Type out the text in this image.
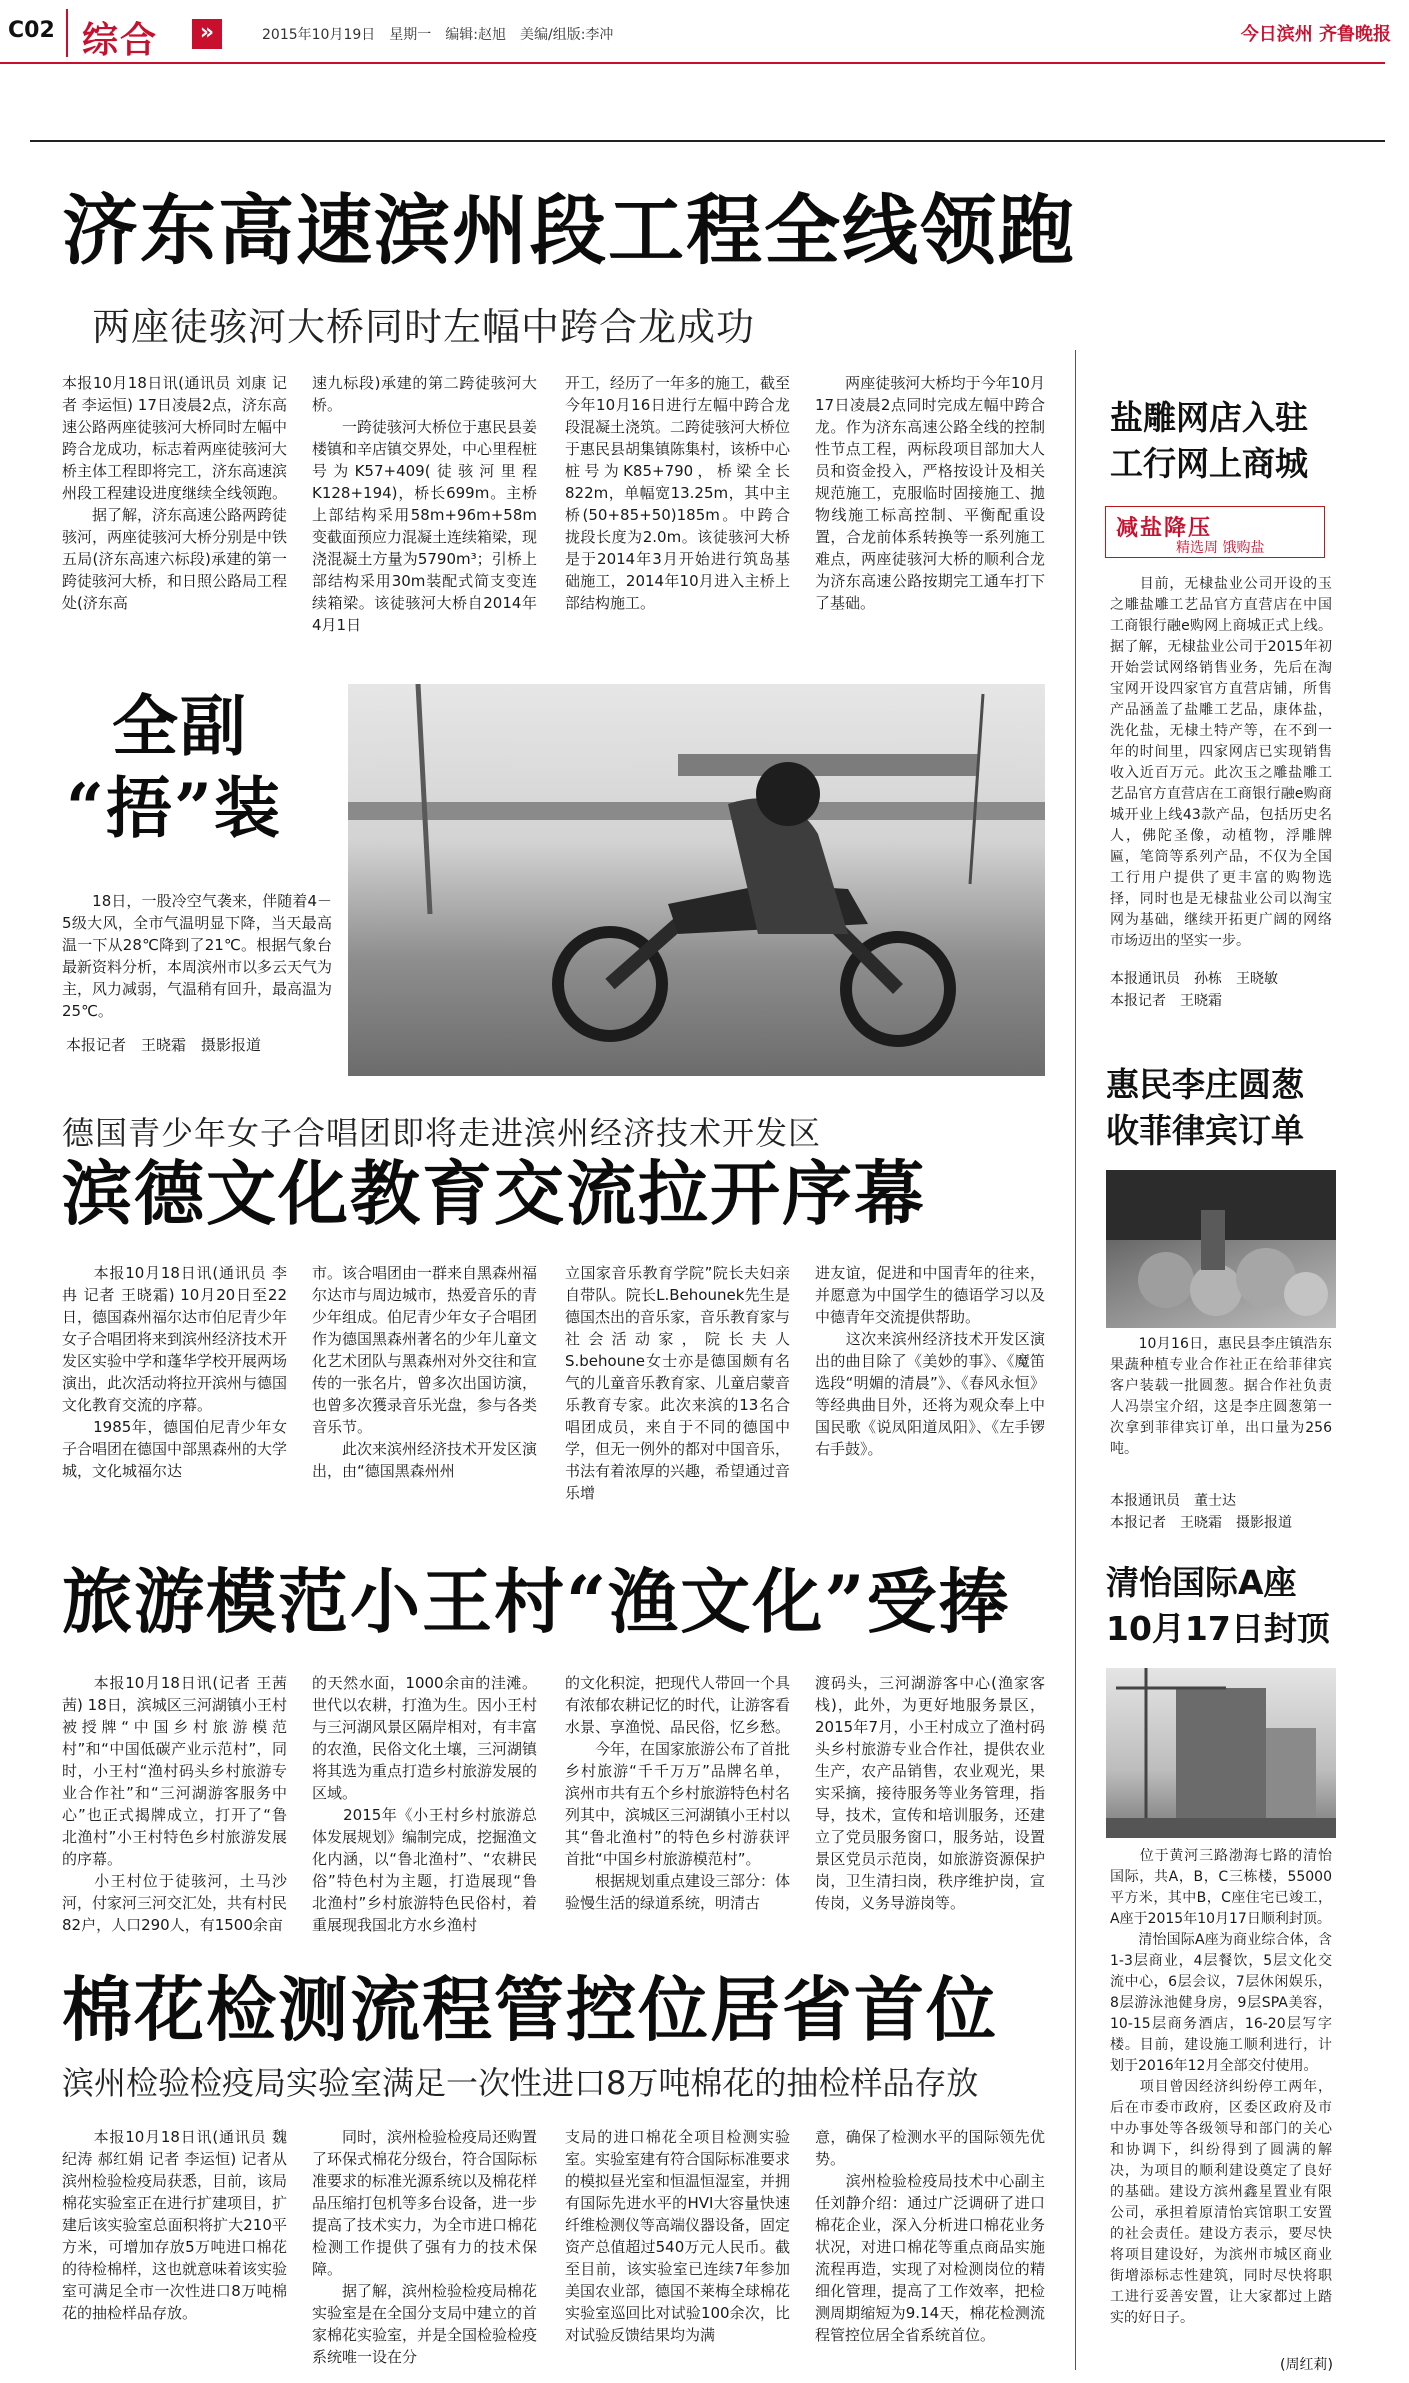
C02 综合	»	2015年10月19日　星期一　编辑:赵旭　美编/组版:李冲	今日滨州 齐鲁晚报
济东高速滨州段工程全线领跑
两座徒骇河大桥同时左幅中跨合龙成功
本报10月18日讯(通讯员 刘康 记者 李运恒) 17日凌晨2点，济东高速公路两座徒骇河大桥同时左幅中跨合龙成功，标志着两座徒骇河大桥主体工程即将完工，济东高速滨州段工程建设进度继续全线领跑。
　　据了解，济东高速公路两跨徒骇河，两座徒骇河大桥分别是中铁五局(济东高速六标段)承建的第一跨徒骇河大桥，和日照公路局工程处(济东高
速九标段)承建的第二跨徒骇河大桥。
　　一跨徒骇河大桥位于惠民县姜楼镇和辛店镇交界处，中心里程桩号为K57+409(徒骇河里程K128+194)，桥长699m。主桥上部结构采用58m+96m+58m变截面预应力混凝土连续箱梁，现浇混凝土方量为5790m³；引桥上部结构采用30m装配式简支变连续箱梁。该徒骇河大桥自2014年4月1日
开工，经历了一年多的施工，截至今年10月16日进行左幅中跨合龙段混凝土浇筑。二跨徒骇河大桥位于惠民县胡集镇陈集村，该桥中心桩号为K85+790，桥梁全长822m，单幅宽13.25m，其中主桥(50+85+50)185m。中跨合拢段长度为2.0m。该徒骇河大桥是于2014年3月开始进行筑岛基础施工，2014年10月进入主桥上部结构施工。
　　两座徒骇河大桥均于今年10月17日凌晨2点同时完成左幅中跨合龙。作为济东高速公路全线的控制性节点工程，两标段项目部加大人员和资金投入，严格按设计及相关规范施工，克服临时固接施工、拋物线施工标高控制、平衡配重设置，合龙前体系转换等一系列施工难点，两座徒骇河大桥的顺利合龙为济东高速公路按期完工通车打下了基础。
全副
“捂”装
　　18日，一股冷空气袭来，伴随着4－5级大风，全市气温明显下降，当天最高温一下从28℃降到了21℃。根据气象台最新资料分析，本周滨州市以多云天气为主，风力减弱，气温稍有回升，最高温为25℃。
本报记者　王晓霜　摄影报道
德国青少年女子合唱团即将走进滨州经济技术开发区
滨德文化教育交流拉开序幕
　　本报10月18日讯(通讯员 李冉 记者 王晓霜) 10月20日至22日，德国森州福尔达市伯尼青少年女子合唱团将来到滨州经济技术开发区实验中学和蓬华学校开展两场演出，此次活动将拉开滨州与德国文化教育交流的序幕。
　　1985年，德国伯尼青少年女子合唱团在德国中部黑森州的大学城，文化城福尔达
市。该合唱团由一群来自黑森州福尔达市与周边城市，热爱音乐的青少年组成。伯尼青少年女子合唱团作为德国黑森州著名的少年儿童文化艺术团队与黑森州对外交往和宣传的一张名片，曾多次出国访演，也曾多次獲录音乐光盘，参与各类音乐节。
　　此次来滨州经济技术开发区演出，由“德国黑森州州
立国家音乐教育学院”院长夫妇亲自带队。院长L.Behounek先生是德国杰出的音乐家，音乐教育家与社会活动家，院长夫人S.behoune女士亦是德国颇有名气的儿童音乐教育家、儿童启蒙音乐教育专家。此次来滨的13名合唱团成员，来自于不同的德国中学，但无一例外的都对中国音乐，书法有着浓厚的兴趣，希望通过音乐增
进友谊，促进和中国青年的往来，并愿意为中国学生的德语学习以及中德青年交流提供帮助。
　　这次来滨州经济技术开发区演出的曲目除了《美妙的事》、《魔笛选段“明媚的清晨”》、《春风永恒》等经典曲目外，还将为观众奉上中国民歌《说凤阳道凤阳》、《左手锣右手鼓》。
旅游模范小王村“渔文化”受捧
　　本报10月18日讯(记者 王茜茜) 18日，滨城区三河湖镇小王村被授牌“中国乡村旅游模范村”和“中国低碳产业示范村”，同时，小王村“渔村码头乡村旅游专业合作社”和“三河湖游客服务中心”也正式揭牌成立，打开了“鲁北渔村”小王村特色乡村旅游发展的序幕。
　　小王村位于徒骇河，土马沙河，付家河三河交汇处，共有村民82户，人口290人，有1500余亩
的天然水面，1000余亩的洼滩。世代以农耕，打渔为生。因小王村与三河湖风景区隔岸相对，有丰富的农渔，民俗文化土壤，三河湖镇将其选为重点打造乡村旅游发展的区域。
　　2015年《小王村乡村旅游总体发展规划》编制完成，挖掘渔文化内涵，以“鲁北渔村”、“农耕民俗”特色村为主题，打造展现“鲁北渔村”乡村旅游特色民俗村，着重展现我国北方水乡渔村
的文化积淀，把现代人带回一个具有浓郁农耕记忆的时代，让游客看水景、享渔悦、品民俗，忆乡愁。
　　今年，在国家旅游公布了首批乡村旅游“千千万万”品牌名单，滨州市共有五个乡村旅游特色村名列其中，滨城区三河湖镇小王村以其“鲁北渔村”的特色乡村游获评首批“中国乡村旅游模范村”。
　　根据规划重点建设三部分：体验慢生活的绿道系统，明清古
渡码头，三河湖游客中心(渔家客栈)，此外，为更好地服务景区，2015年7月，小王村成立了渔村码头乡村旅游专业合作社，提供农业生产，农产品销售，农业观光，果实采摘，接待服务等业务管理，指导，技术，宣传和培训服务，还建立了党员服务窗口，服务站，设置景区党员示范岗，如旅游资源保护岗，卫生清扫岗，秩序维护岗，宣传岗，义务导游岗等。
棉花检测流程管控位居省首位
滨州检验检疫局实验室满足一次性进口8万吨棉花的抽检样品存放
　　本报10月18日讯(通讯员 魏纪涛 郝红娟 记者 李运恒) 记者从滨州检验检疫局获悉，目前，该局棉花实验室正在进行扩建项目，扩建后该实验室总面积将扩大210平方米，可增加存放5万吨进口棉花的待检棉样，这也就意味着该实验室可满足全市一次性进口8万吨棉花的抽检样品存放。
　　同时，滨州检验检疫局还购置了环保式棉花分级台，符合国际标准要求的标准光源系统以及棉花样品压缩打包机等多台设备，进一步提高了技术实力，为全市进口棉花检测工作提供了强有力的技术保障。
　　据了解，滨州检验检疫局棉花实验室是在全国分支局中建立的首家棉花实验室，并是全国检验检疫系统唯一设在分
支局的进口棉花全项目检测实验室。实验室建有符合国际标准要求的模拟昼光室和恒温恒湿室，并拥有国际先进水平的HVI大容量快速纤维检测仪等高端仪器设备，固定资产总值超过540万元人民币。截至目前，该实验室已连续7年参加美国农业部，德国不莱梅全球棉花实验室巡回比对试验100余次，比对试验反馈结果均为满
意，确保了检测水平的国际领先优势。
　　滨州检验检疫局技术中心副主任刘静介绍：通过广泛调研了进口棉花企业，深入分析进口棉花业务状况，对进口棉花等重点商品实施流程再造，实现了对检测岗位的精细化管理，提高了工作效率，把检测周期缩短为9.14天，棉花检测流程管控位居全省系统首位。
盐雕网店入驻
工行网上商城
减盐降压
精选周 饿购盐
　　目前，无棣盐业公司开设的玉之雕盐雕工艺品官方直营店在中国工商银行融e购网上商城正式上线。据了解，无棣盐业公司于2015年初开始尝试网络销售业务，先后在淘宝网开设四家官方直营店铺，所售产品涵盖了盐雕工艺品，康体盐，洗化盐，无棣土特产等，在不到一年的时间里，四家网店已实现销售收入近百万元。此次玉之雕盐雕工艺品官方直营店在工商银行融e购商城开业上线43款产品，包括历史名人，佛陀圣像，动植物，浮雕牌匾，笔筒等系列产品，不仅为全国工行用户提供了更丰富的购物选择，同时也是无棣盐业公司以淘宝网为基础，继续开拓更广阔的网络市场迈出的坚实一步。
本报通讯员　孙栋　王晓敏
本报记者　王晓霜
惠民李庄圆葱
收菲律宾订单
　　10月16日，惠民县李庄镇浩东果蔬种植专业合作社正在给菲律宾客户装载一批圆葱。据合作社负责人冯崇宝介绍，这是李庄圆葱第一次拿到菲律宾订单，出口量为256吨。
本报通讯员　董士达
本报记者　王晓霜　摄影报道
清怡国际A座
10月17日封顶
　　位于黄河三路渤海七路的清怡国际，共A，B，C三栋楼，55000平方米，其中B，C座住宅已竣工，A座于2015年10月17日顺利封顶。
　　清怡国际A座为商业综合体，含1-3层商业，4层餐饮，5层文化交流中心，6层会议，7层休闲娱乐，8层游泳池健身房，9层SPA美容，10-15层商务酒店，16-20层写字楼。目前，建设施工顺利进行，计划于2016年12月全部交付使用。
　　项目曾因经济纠纷停工两年，后在市委市政府，区委区政府及市中办事处等各级领导和部门的关心和协调下，纠纷得到了圆满的解决，为项目的顺利建设奠定了良好的基础。建设方滨州鑫星置业有限公司，承担着原清怡宾馆职工安置的社会责任。建设方表示，要尽快将项目建设好，为滨州市城区商业街增添标志性建筑，同时尽快将职工进行妥善安置，让大家都过上踏实的好日子。
(周红莉)
